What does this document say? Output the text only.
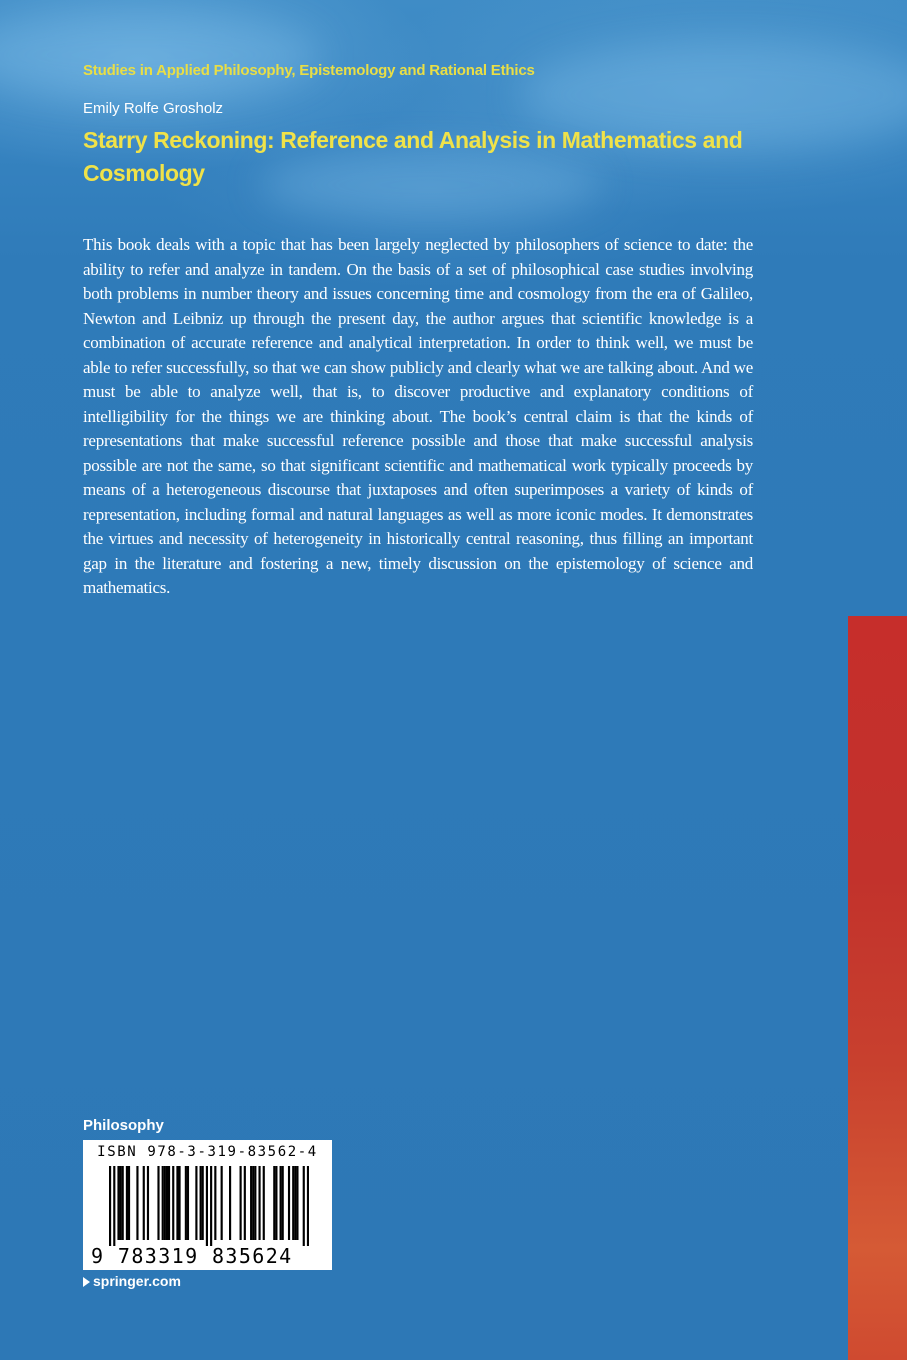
Studies in Applied Philosophy, Epistemology and Rational Ethics

Emily Rolfe Grosholz

Starry Reckoning: Reference and Analysis in Mathematics and Cosmology

This book deals with a topic that has been largely neglected by philosophers of science to date: the ability to refer and analyze in tandem. On the basis of a set of philosophical case studies involving both problems in number theory and issues concerning time and cosmology from the era of Galileo, Newton and Leibniz up through the present day, the author argues that scientific knowledge is a combination of accurate reference and analytical interpretation. In order to think well, we must be able to refer successfully, so that we can show publicly and clearly what we are talking about. And we must be able to analyze well, that is, to discover productive and explanatory conditions of intelligibility for the things we are thinking about. The book’s central claim is that the kinds of representations that make successful reference possible and those that make successful analysis possible are not the same, so that significant scientific and mathematical work typically proceeds by means of a heterogeneous discourse that juxtaposes and often superimposes a variety of kinds of representation, including formal and natural languages as well as more iconic modes. It demonstrates the virtues and necessity of heterogeneity in historically central reasoning, thus filling an important gap in the literature and fostering a new, timely discussion on the epistemology of science and mathematics.

Philosophy

ISBN 978-3-319-83562-4
9 783319 835624
springer.com
